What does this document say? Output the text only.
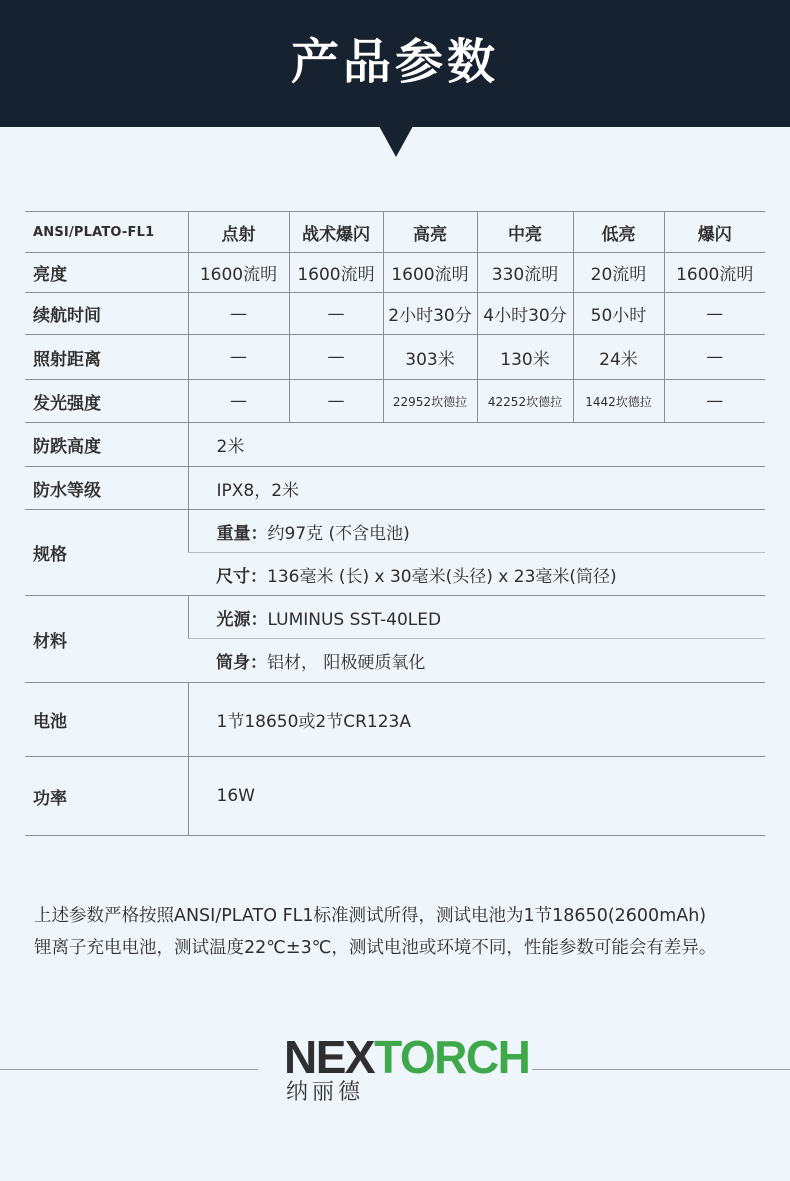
产品参数
ANSI/PLATO-FL1	点射	战术爆闪	高亮	中亮	低亮	爆闪
亮度	1600流明	1600流明	1600流明	330流明	20流明	1600流明
续航时间	—	—	2小时30分	4小时30分	50小时	—
照射距离	—	—	303米	130米	24米	—
发光强度	—	—	22952坎德拉	42252坎德拉	1442坎德拉	—
防跌高度	2米					
防水等级	IPX8，2米					
规格	重量：约97克 (不含电池)					
	尺寸：136毫米 (长) x 30毫米(头径) x 23毫米(筒径)					
材料	光源：LUMINUS SST-40LED					
	筒身：铝材， 阳极硬质氧化					
电池	1节18650或2节CR123A					
功率	16W					
上述参数严格按照ANSI/PLATO FL1标准测试所得，测试电池为1节18650(2600mAh)
锂离子充电电池，测试温度22℃±3℃，测试电池或环境不同，性能参数可能会有差异。
NEXTORCH
纳丽德
